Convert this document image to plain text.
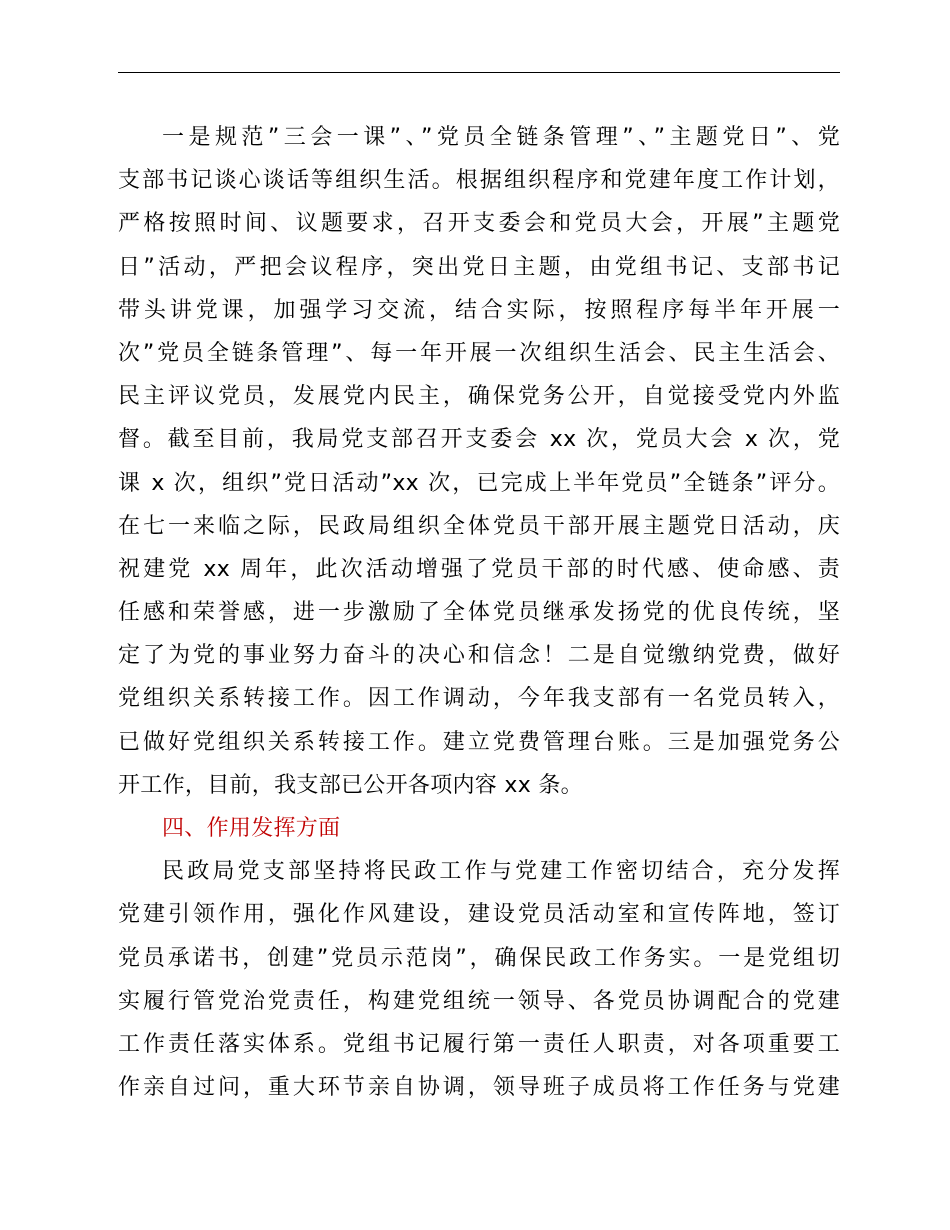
一是规范”三会一课”、”党员全链条管理”、”主题党日”、党
支部书记谈心谈话等组织生活。根据组织程序和党建年度工作计划，
严格按照时间、议题要求，召开支委会和党员大会，开展”主题党
日”活动，严把会议程序，突出党日主题，由党组书记、支部书记
带头讲党课，加强学习交流，结合实际，按照程序每半年开展一
次”党员全链条管理”、每一年开展一次组织生活会、民主生活会、
民主评议党员，发展党内民主，确保党务公开，自觉接受党内外监
督。截至目前，我局党支部召开支委会 xx 次，党员大会 x 次，党
课 x 次，组织”党日活动”xx 次，已完成上半年党员”全链条”评分。
在七一来临之际，民政局组织全体党员干部开展主题党日活动，庆
祝建党 xx 周年，此次活动增强了党员干部的时代感、使命感、责
任感和荣誉感，进一步激励了全体党员继承发扬党的优良传统，坚
定了为党的事业努力奋斗的决心和信念！二是自觉缴纳党费，做好
党组织关系转接工作。因工作调动，今年我支部有一名党员转入，
已做好党组织关系转接工作。建立党费管理台账。三是加强党务公
开工作，目前，我支部已公开各项内容 xx 条。
四、作用发挥方面
民政局党支部坚持将民政工作与党建工作密切结合，充分发挥
党建引领作用，强化作风建设，建设党员活动室和宣传阵地，签订
党员承诺书，创建”党员示范岗”，确保民政工作务实。一是党组切
实履行管党治党责任，构建党组统一领导、各党员协调配合的党建
工作责任落实体系。党组书记履行第一责任人职责，对各项重要工
作亲自过问，重大环节亲自协调，领导班子成员将工作任务与党建
